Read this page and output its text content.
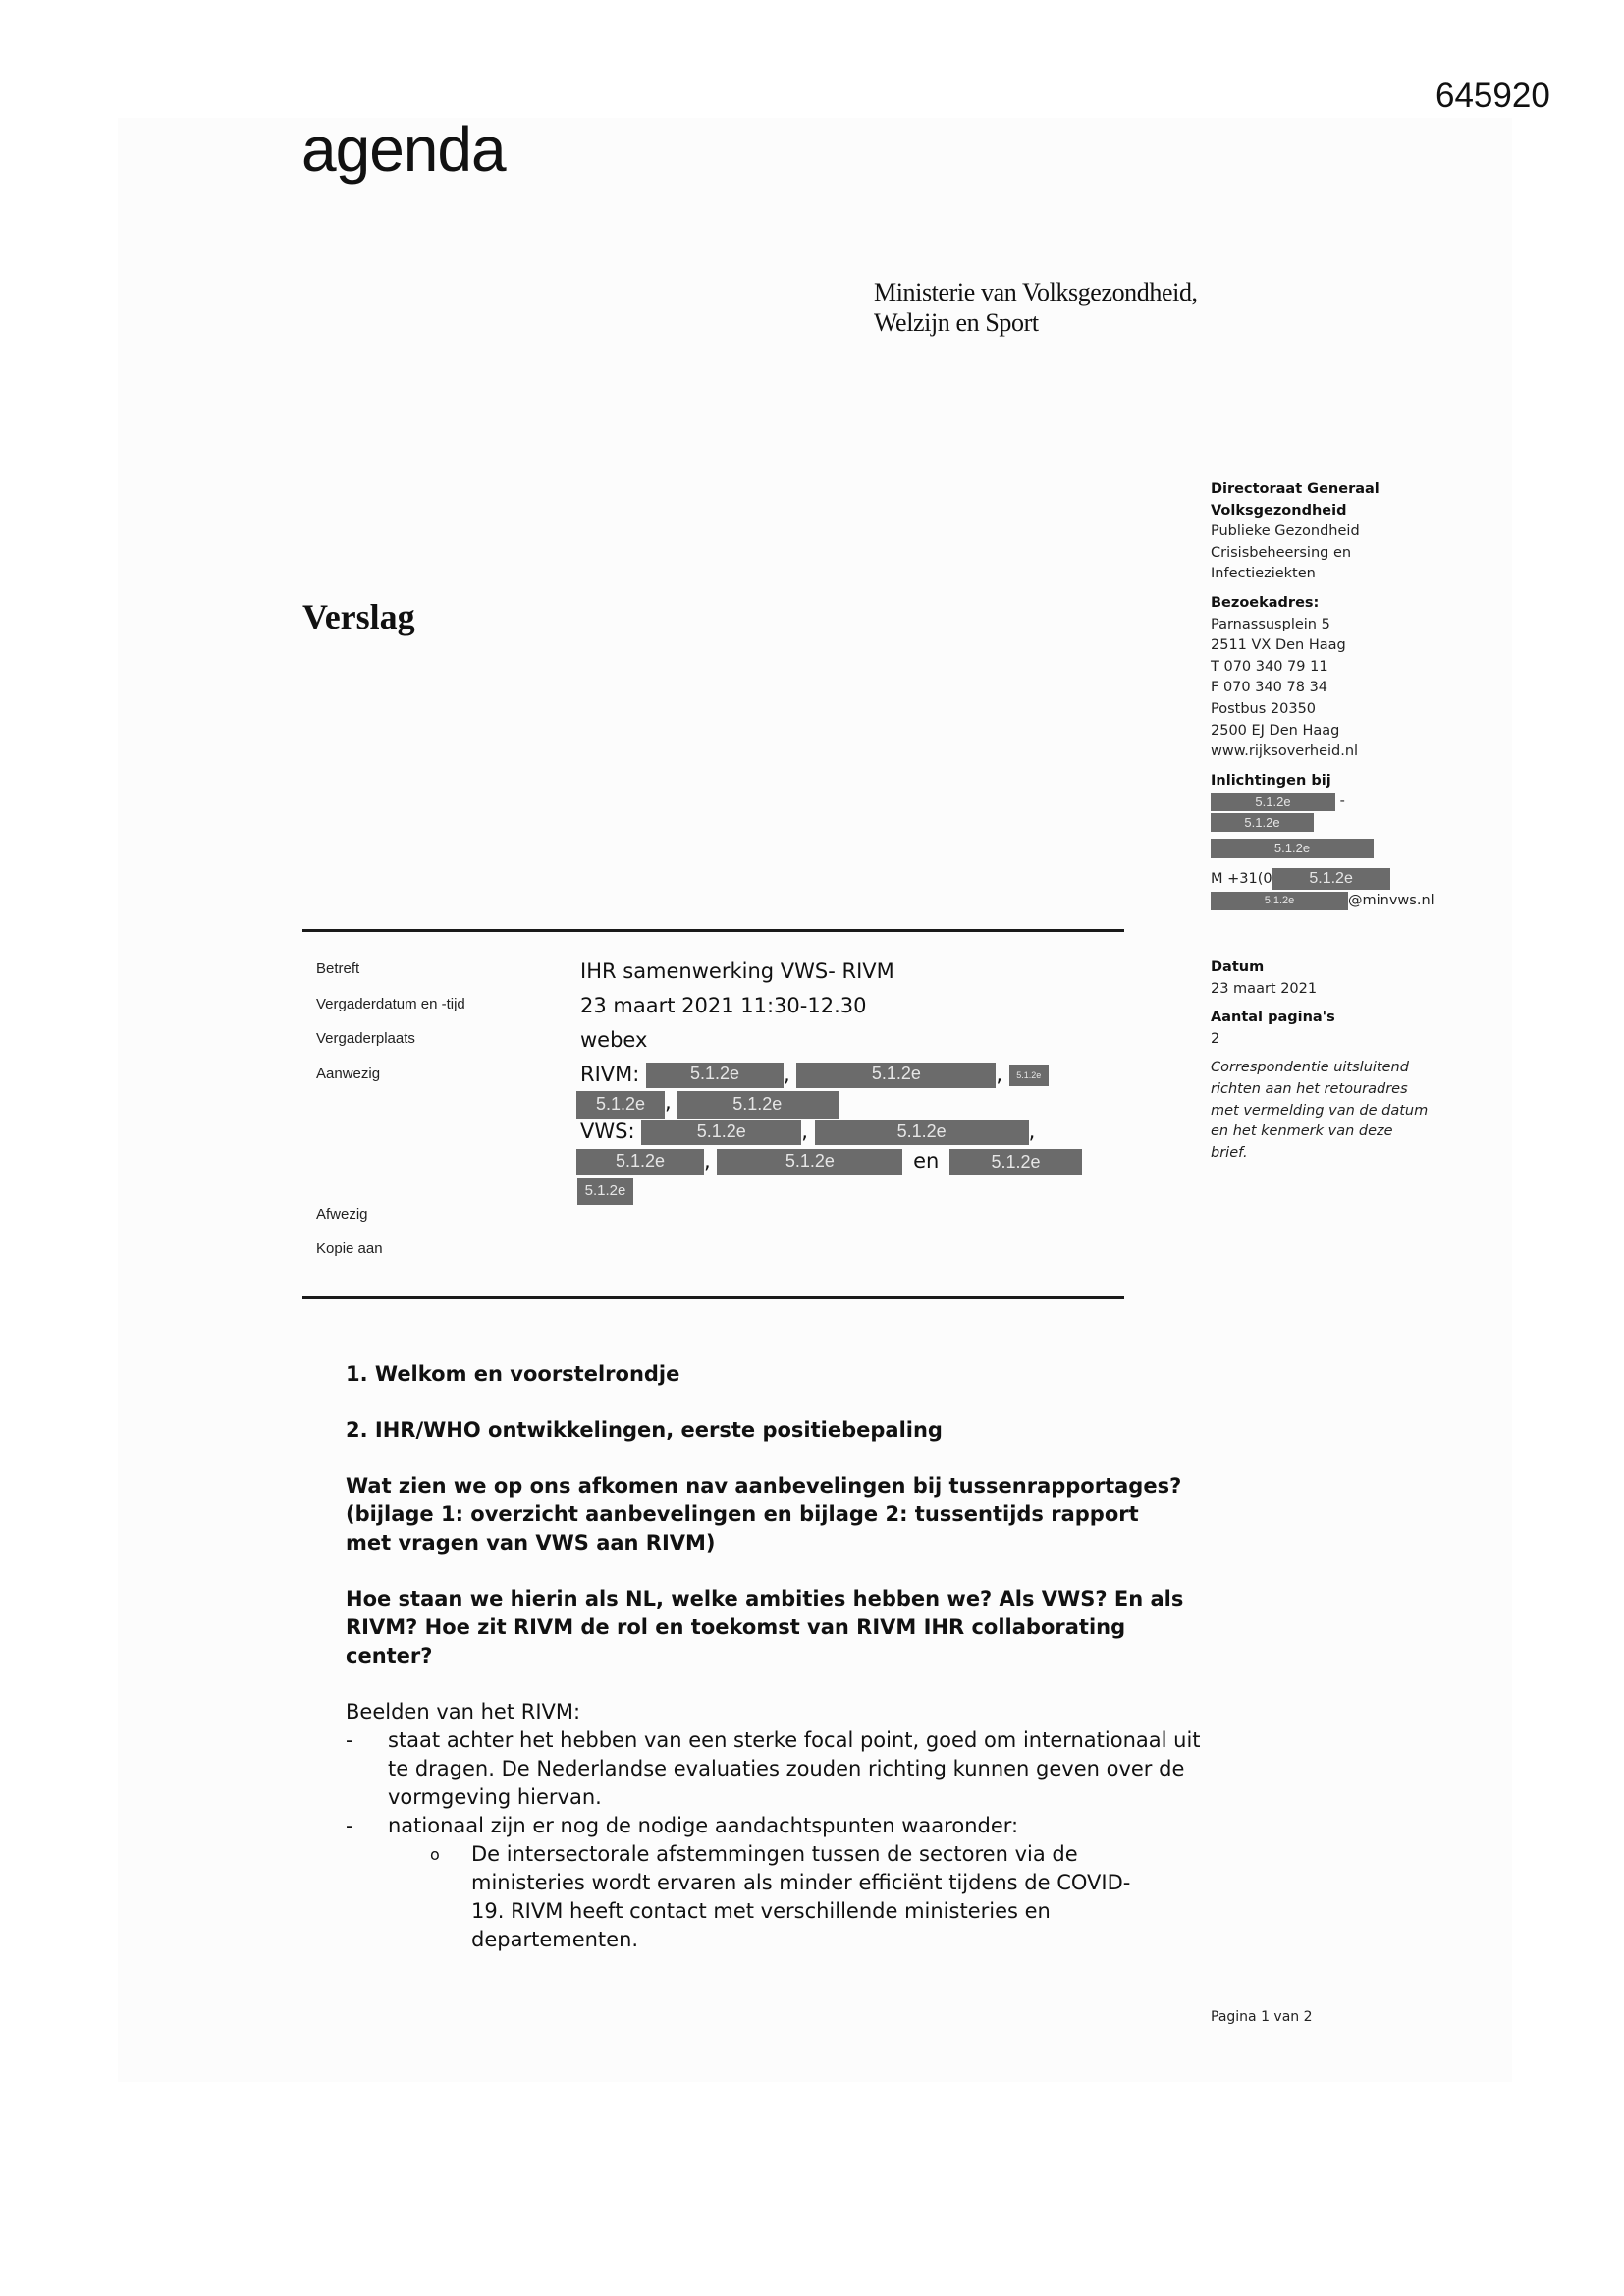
645920
agenda
Ministerie van Volksgezondheid,
Welzijn en Sport
Verslag
Directoraat Generaal
Volksgezondheid
Publieke Gezondheid
Crisisbeheersing en
Infectieziekten
Bezoekadres:
Parnassusplein 5
2511 VX Den Haag
T 070 340 79 11
F 070 340 78 34
Postbus 20350
2500 EJ Den Haag
www.rijksoverheid.nl
Inlichtingen bij
5.1.2e	-
5.1.2e
5.1.2e
M +31(0 5.1.2e
5.1.2e	@minvws.nl
Datum
23 maart 2021
Aantal pagina's
2
Correspondentie uitsluitend
richten aan het retouradres
met vermelding van de datum
en het kenmerk van deze
brief.
Betreft	IHR samenwerking VWS- RIVM
Vergaderdatum en -tijd	23 maart 2021 11:30-12.30
Vergaderplaats	webex
Aanwezig	RIVM:	5.1.2e ,	5.1.2e	, 5.1.2e
5.1.2e ,	5.1.2e
VWS:	5.1.2e	,	5.1.2e	,
5.1.2e ,	5.1.2e	en	5.1.2e
5.1.2e
Afwezig
Kopie aan

1. Welkom en voorstelrondje

2. IHR/WHO ontwikkelingen, eerste positiebepaling

Wat zien we op ons afkomen nav aanbevelingen bij tussenrapportages? (bijlage 1: overzicht aanbevelingen en bijlage 2: tussentijds rapport met vragen van VWS aan RIVM)

Hoe staan we hierin als NL, welke ambities hebben we? Als VWS? En als RIVM? Hoe zit RIVM de rol en toekomst van RIVM IHR collaborating center?

Beelden van het RIVM:

- staat achter het hebben van een sterke focal point, goed om internationaal uit te dragen. De Nederlandse evaluaties zouden richting kunnen geven over de vormgeving hiervan.
- nationaal zijn er nog de nodige aandachtspunten waaronder:
o De intersectorale afstemmingen tussen de sectoren via de ministeries wordt ervaren als minder efficiënt tijdens de COVID-19. RIVM heeft contact met verschillende ministeries en departementen.
Pagina 1 van 2
